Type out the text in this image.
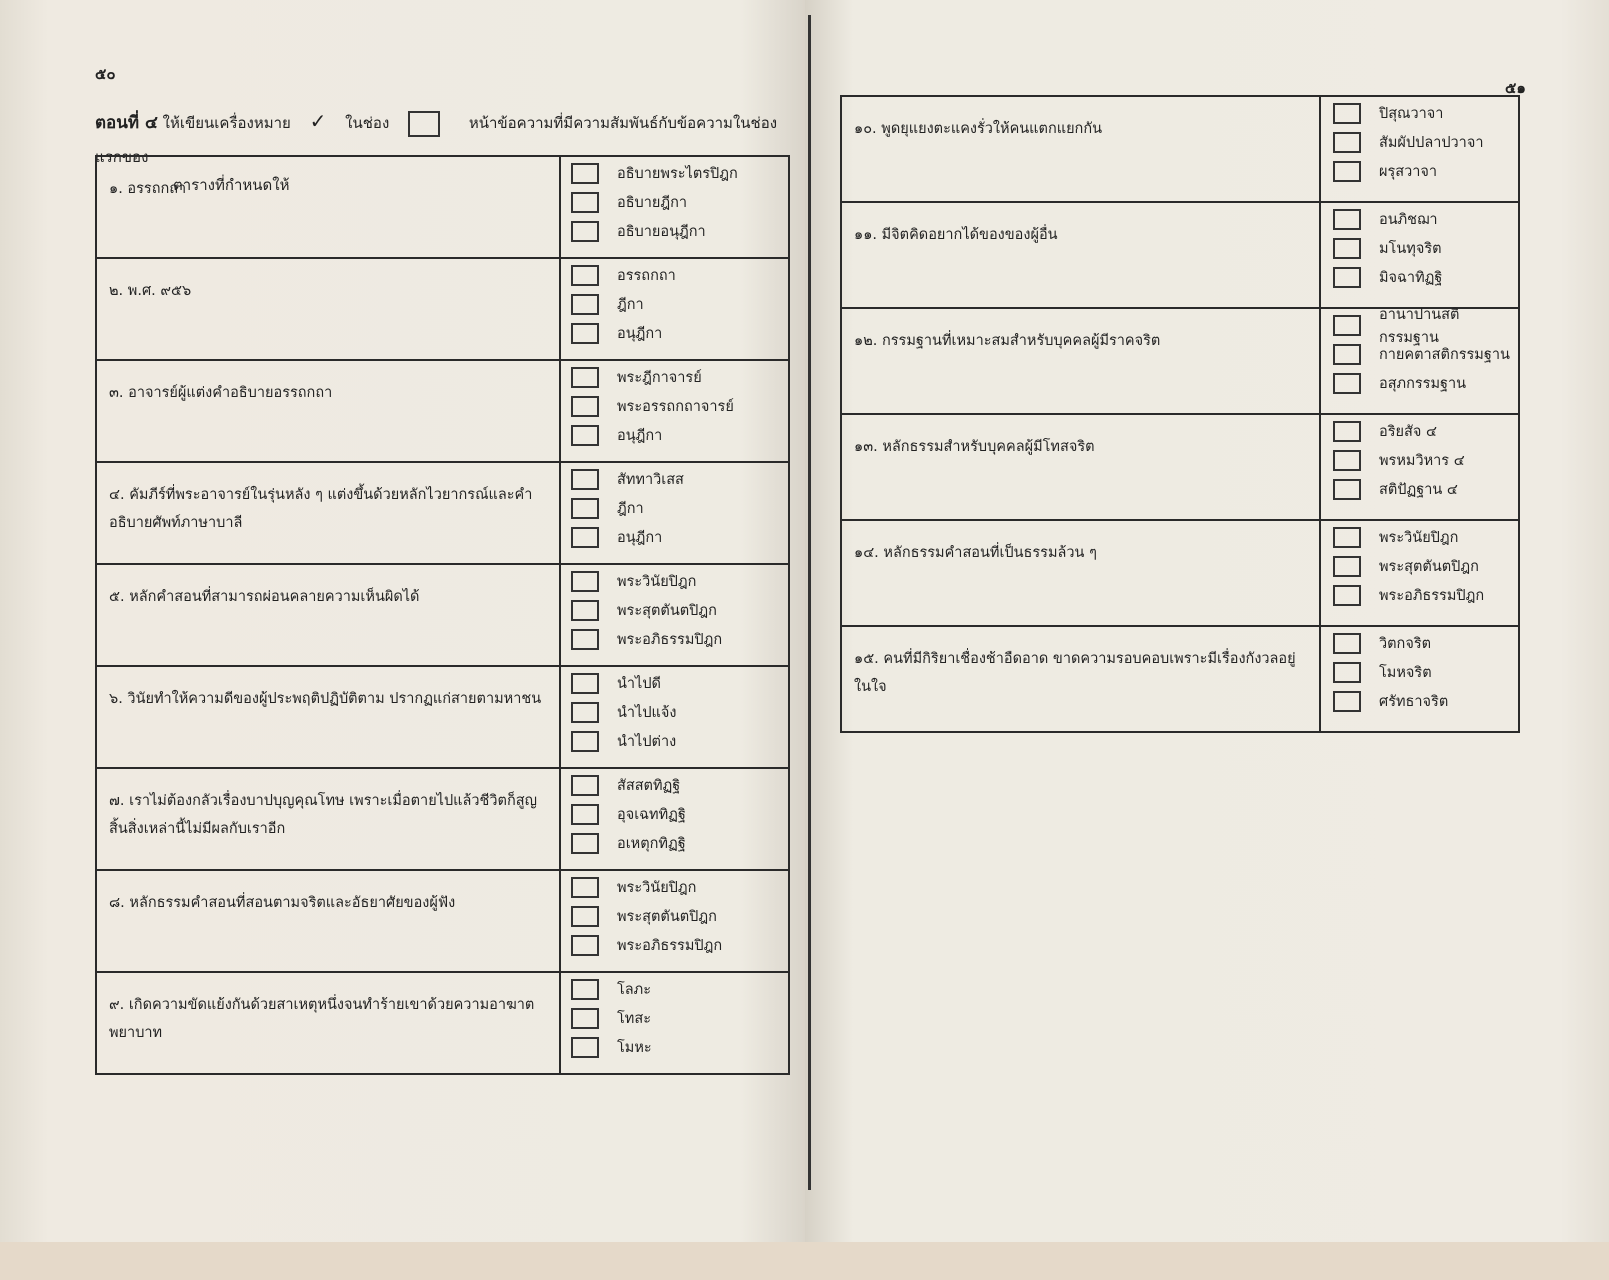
๕๐
๕๑
ตอนที่ ๔ ให้เขียนเครื่องหมาย ✓ ในช่อง	หน้าข้อความที่มีความสัมพันธ์กับข้อความในช่องแรกของ
ตารางที่กำหนดให้
๑. อรรถกถา	อธิบายพระไตรปิฎก
อธิบายฎีกา
อธิบายอนุฎีกา

๒. พ.ศ. ๙๕๖	อรรถกถา
ฎีกา
อนุฎีกา

๓. อาจารย์ผู้แต่งคำอธิบายอรรถกถา	พระฎีกาจารย์
พระอรรถกถาจารย์
อนุฎีกา

๔. คัมภีร์ที่พระอาจารย์ในรุ่นหลัง ๆ แต่งขึ้นด้วยหลักไวยากรณ์และคำอธิบายศัพท์ภาษาบาลี	สัททาวิเสส
ฎีกา
อนุฎีกา

๕. หลักคำสอนที่สามารถผ่อนคลายความเห็นผิดได้	พระวินัยปิฎก
พระสุตตันตปิฎก
พระอภิธรรมปิฎก

๖. วินัยทำให้ความดีของผู้ประพฤติปฏิบัติตาม ปรากฏแก่สายตามหาชน	นำไปดี
นำไปแจ้ง
นำไปต่าง

๗. เราไม่ต้องกลัวเรื่องบาปบุญคุณโทษ เพราะเมื่อตายไปแล้วชีวิตก็สูญสิ้นสิ่งเหล่านี้ไม่มีผลกับเราอีก	สัสสตทิฏฐิ
อุจเฉททิฏฐิ
อเหตุกทิฏฐิ

๘. หลักธรรมคำสอนที่สอนตามจริตและอัธยาศัยของผู้ฟัง	พระวินัยปิฎก
พระสุตตันตปิฎก
พระอภิธรรมปิฎก

๙. เกิดความขัดแย้งกันด้วยสาเหตุหนึ่งจนทำร้ายเขาด้วยความอาฆาตพยาบาท	โลภะ
โทสะ
โมหะ
๑๐. พูดยุแยงตะแคงรั่วให้คนแตกแยกกัน	ปิสุณวาจา
สัมผัปปลาปวาจา
ผรุสวาจา

๑๑. มีจิตคิดอยากได้ของของผู้อื่น	อนภิชฌา
มโนทุจริต
มิจฉาทิฏฐิ

๑๒. กรรมฐานที่เหมาะสมสำหรับบุคคลผู้มีราคจริต	อานาปานสติกรรมฐาน
กายคตาสติกรรมฐาน
อสุภกรรมฐาน

๑๓. หลักธรรมสำหรับบุคคลผู้มีโทสจริต	อริยสัจ ๔
พรหมวิหาร ๔
สติปัฏฐาน ๔

๑๔. หลักธรรมคำสอนที่เป็นธรรมล้วน ๆ	พระวินัยปิฎก
พระสุตตันตปิฎก
พระอภิธรรมปิฎก

๑๕. คนที่มีกิริยาเชื่องช้าอืดอาด ขาดความรอบคอบเพราะมีเรื่องกังวลอยู่ในใจ	วิตกจริต
โมหจริต
ศรัทธาจริต
